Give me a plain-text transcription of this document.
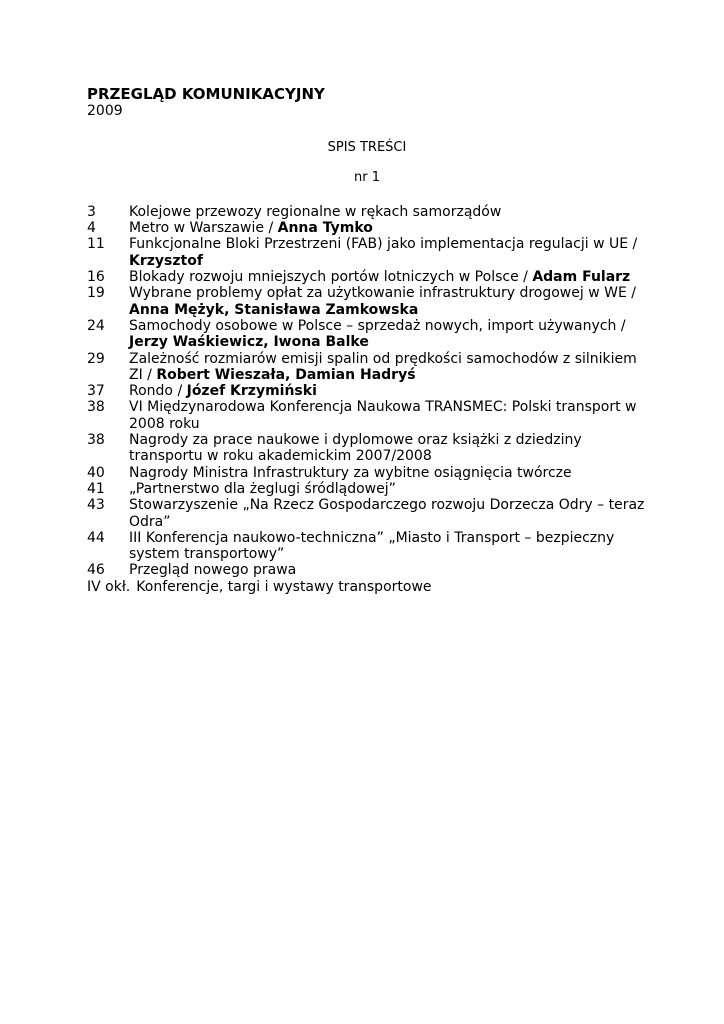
PRZEGLĄD KOMUNIKACYJNY

2009

SPIS TREŚCI
nr 1
3	Kolejowe przewozy regionalne w rękach samorządów
4	Metro w Warszawie / Anna Tymko
11	Funkcjonalne Bloki Przestrzeni (FAB) jako implementacja regulacji w UE / Krzysztof
16	Blokady rozwoju mniejszych portów lotniczych w Polsce / Adam Fularz
19	Wybrane problemy opłat za użytkowanie infrastruktury drogowej w WE / Anna Mężyk, Stanisława Zamkowska
24	Samochody osobowe w Polsce – sprzedaż nowych, import używanych / Jerzy Waśkiewicz, Iwona Balke
29	Zależność rozmiarów emisji spalin od prędkości samochodów z silnikiem ZI / Robert Wieszała, Damian Hadryś
37	Rondo / Józef Krzymiński
38	VI Międzynarodowa Konferencja Naukowa TRANSMEC: Polski transport w 2008 roku
38	Nagrody za prace naukowe i dyplomowe oraz książki z dziedziny transportu w roku akademickim 2007/2008
40	Nagrody Ministra Infrastruktury za wybitne osiągnięcia twórcze
41	„Partnerstwo dla żeglugi śródlądowej”
43	Stowarzyszenie „Na Rzecz Gospodarczego rozwoju Dorzecza Odry – teraz Odra”
44	III Konferencja naukowo-techniczna” „Miasto i Transport – bezpieczny system transportowy”
46	Przegląd nowego prawa
IV okł. Konferencje, targi i wystawy transportowe
